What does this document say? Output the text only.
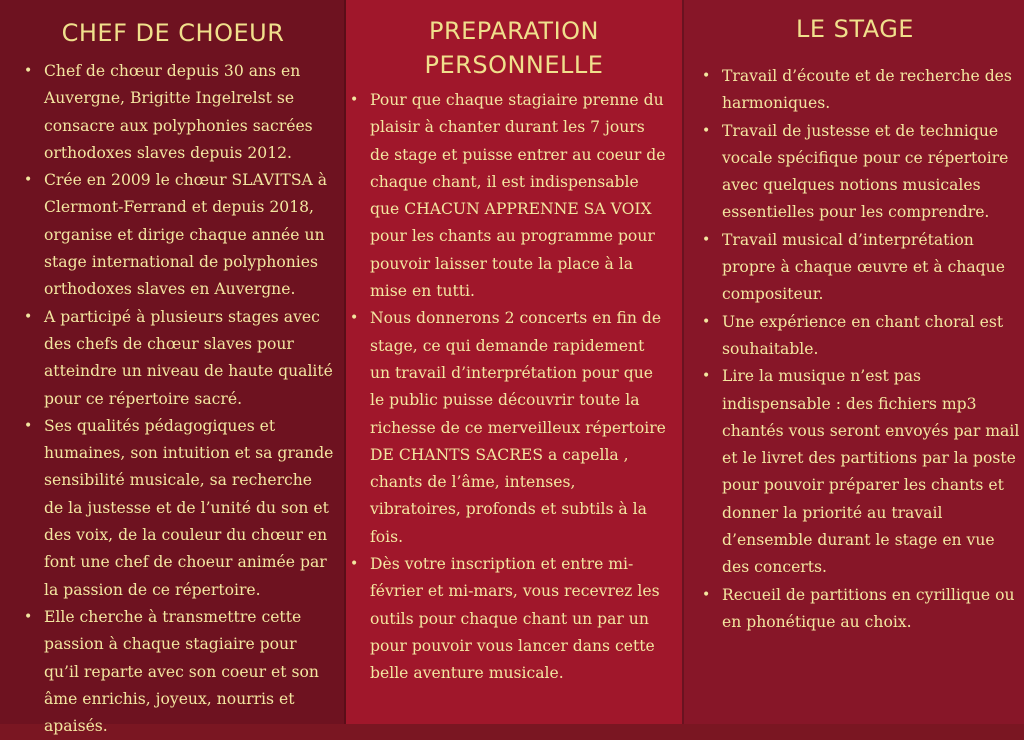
CHEF DE CHOEUR
• Chef de chœur depuis 30 ans en Auvergne, Brigitte Ingelrelst se consacre aux polyphonies sacrées orthodoxes slaves depuis 2012.
• Crée en 2009 le chœur SLAVITSA à Clermont-Ferrand et depuis 2018, organise et dirige chaque année un stage international de polyphonies orthodoxes slaves en Auvergne.
• A participé à plusieurs stages avec des chefs de chœur slaves pour atteindre un niveau de haute qualité pour ce répertoire sacré.
• Ses qualités pédagogiques et humaines, son intuition et sa grande sensibilité musicale, sa recherche de la justesse et de l’unité du son et des voix, de la couleur du chœur en font une chef de choeur animée par la passion de ce répertoire.
• Elle cherche à transmettre cette passion à chaque stagiaire pour qu’il reparte avec son coeur et son âme enrichis, joyeux, nourris et apaisés.
PREPARATION
PERSONNELLE
• Pour que chaque stagiaire prenne du plaisir à chanter durant les 7 jours de stage et puisse entrer au coeur de chaque chant, il est indispensable que CHACUN APPRENNE SA VOIX pour les chants au programme pour pouvoir laisser toute la place à la mise en tutti.
• Nous donnerons 2 concerts en fin de stage, ce qui demande rapidement un travail d’interprétation pour que le public puisse découvrir toute la richesse de ce merveilleux répertoire DE CHANTS SACRES a capella , chants de l’âme, intenses, vibratoires, profonds et subtils à la fois.
• Dès votre inscription et entre mi-février et mi-mars, vous recevrez les outils pour chaque chant un par un pour pouvoir vous lancer dans cette belle aventure musicale.
LE STAGE
• Travail d’écoute et de recherche des harmoniques.
• Travail de justesse et de technique vocale spécifique pour ce répertoire avec quelques notions musicales essentielles pour les comprendre.
• Travail musical d’interprétation propre à chaque œuvre et à chaque compositeur.
• Une expérience en chant choral est souhaitable.
• Lire la musique n’est pas indispensable : des fichiers mp3 chantés vous seront envoyés par mail et le livret des partitions par la poste pour pouvoir préparer les chants et donner la priorité au travail d’ensemble durant le stage en vue des concerts.
• Recueil de partitions en cyrillique ou en phonétique au choix.
